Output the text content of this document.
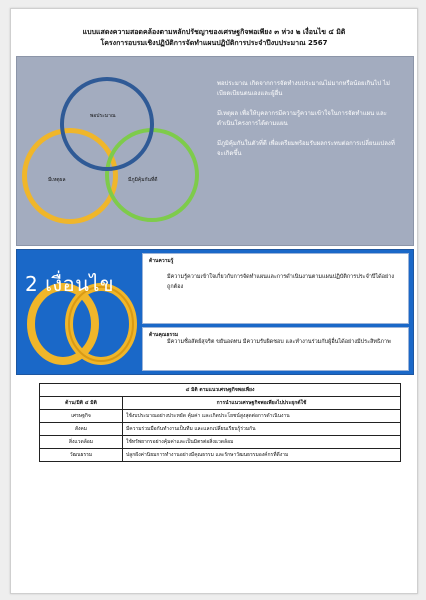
แบบแสดงความสอดคล้องตามหลักปรัชญาของเศรษฐกิจพอเพียง ๓ ห่วง ๒ เงื่อนไข ๔ มิติ
โครงการอบรมเชิงปฏิบัติการจัดทำแผนปฏิบัติการประจำปีงบประมาณ 2567
พอประมาณ
มีเหตุผล	มีภูมิคุ้มกันที่ดี

พอประมาณ เกิดจากการจัดทำงบประมาณไม่มากหรือน้อยเกินไป ไม่เบียดเบียนตนเองและผู้อื่น

มีเหตุผล เพื่อให้บุคลากรมีความรู้ความเข้าใจในการจัดทำแผน และดำเนินโครงการได้ตามแผน

มีภูมิคุ้มกันในตัวที่ดี เพื่อเตรียมพร้อมรับผลกระทบต่อการเปลี่ยนแปลงที่จะเกิดขึ้น

2 เงื่อนไข
ด้านความรู้
มีความรู้ความเข้าใจเกี่ยวกับการจัดทำแผนและการดำเนินงานตามแผนปฏิบัติการประจำปีได้อย่างถูกต้อง
ด้านคุณธรรม
มีความซื่อสัตย์สุจริต ขยันอดทน มีความรับผิดชอบ และทำงานร่วมกับผู้อื่นได้อย่างมีประสิทธิภาพ
๔ มิติ ตามแนวเศรษฐกิจพอเพียง	
ด้าน/มิติ ๔ มิติ	การนำแนวเศรษฐกิจพอเพียงไปประยุกต์ใช้
เศรษฐกิจ	ใช้งบประมาณอย่างประหยัด คุ้มค่า และเกิดประโยชน์สูงสุดต่อการดำเนินงาน
สังคม	มีความร่วมมือกันทำงานเป็นทีม และแลกเปลี่ยนเรียนรู้ร่วมกัน
สิ่งแวดล้อม	ใช้ทรัพยากรอย่างคุ้มค่าและเป็นมิตรต่อสิ่งแวดล้อม
วัฒนธรรม	ปลูกฝังค่านิยมการทำงานอย่างมีคุณธรรม และรักษาวัฒนธรรมองค์กรที่ดีงาม
